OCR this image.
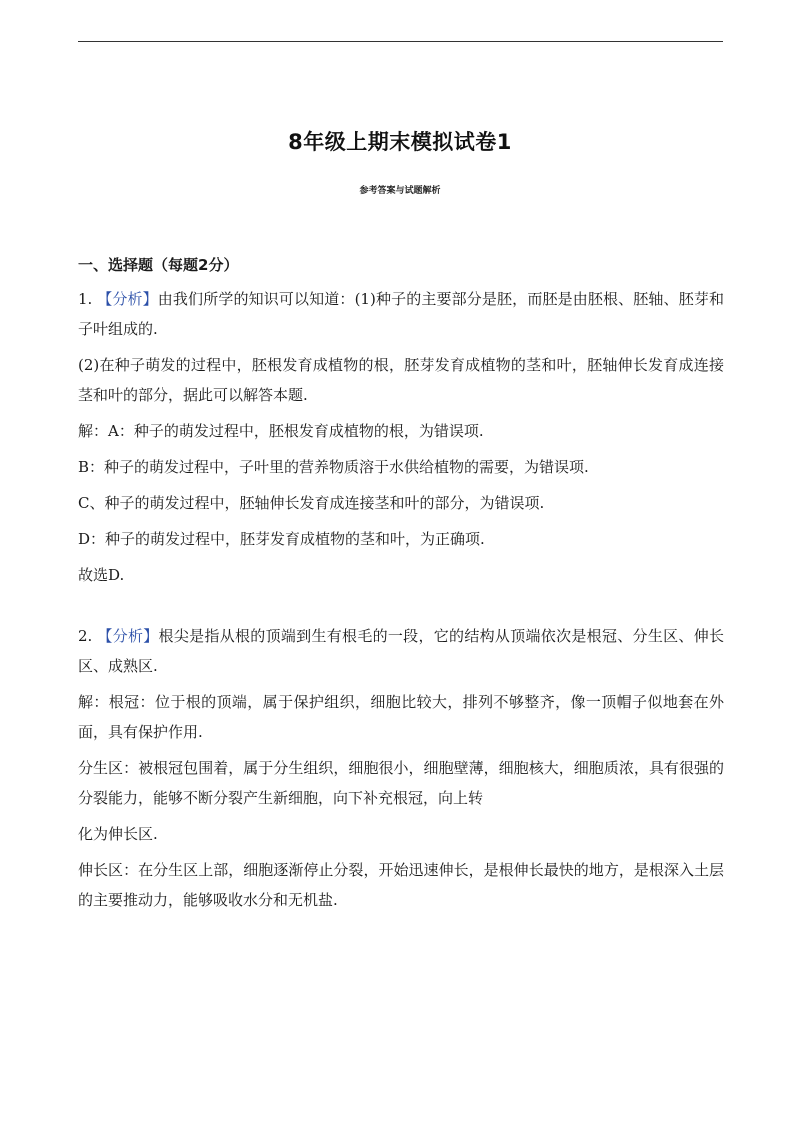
8年级上期末模拟试卷1
参考答案与试题解析
一、选择题（每题2分）
1. 【分析】由我们所学的知识可以知道：(1)种子的主要部分是胚，而胚是由胚根、胚轴、胚芽和子叶组成的.
(2)在种子萌发的过程中，胚根发育成植物的根，胚芽发育成植物的茎和叶，胚轴伸长发育成连接茎和叶的部分，据此可以解答本题.
解：A：种子的萌发过程中，胚根发育成植物的根，为错误项.
B：种子的萌发过程中，子叶里的营养物质溶于水供给植物的需要，为错误项.
C、种子的萌发过程中，胚轴伸长发育成连接茎和叶的部分，为错误项.
D：种子的萌发过程中，胚芽发育成植物的茎和叶，为正确项.
故选D.
2. 【分析】根尖是指从根的顶端到生有根毛的一段，它的结构从顶端依次是根冠、分生区、伸长区、成熟区.
解：根冠：位于根的顶端，属于保护组织，细胞比较大，排列不够整齐，像一顶帽子似地套在外面，具有保护作用.
分生区：被根冠包围着，属于分生组织，细胞很小，细胞壁薄，细胞核大，细胞质浓，具有很强的分裂能力，能够不断分裂产生新细胞，向下补充根冠，向上转
化为伸长区.
伸长区：在分生区上部，细胞逐渐停止分裂，开始迅速伸长，是根伸长最快的地方，是根深入土层的主要推动力，能够吸收水分和无机盐.
